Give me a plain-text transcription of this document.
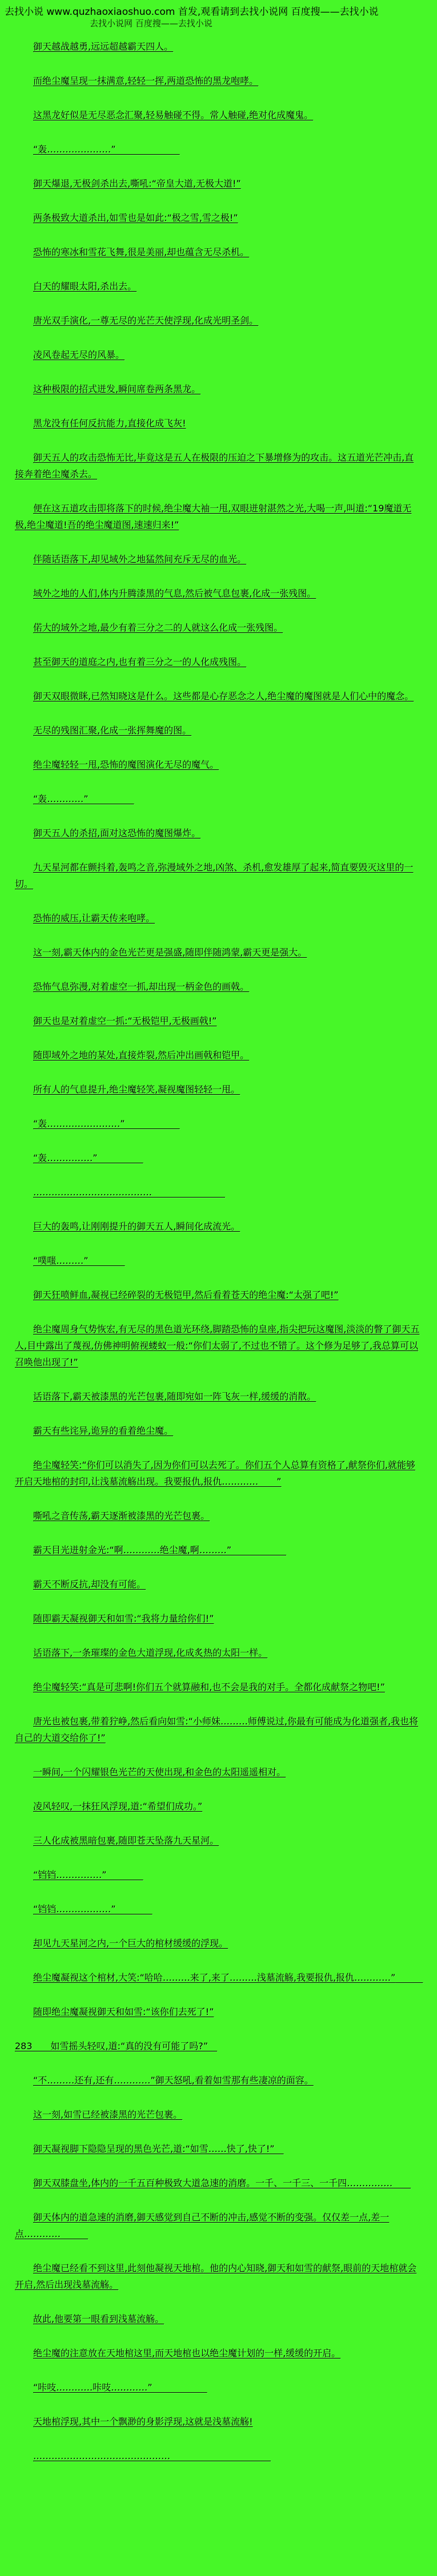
去找小说 www.quzhaoxiaoshuo.com 首发,观看请到去找小说网 百度搜——去找小说
去找小说网 百度搜——去找小说

御天越战越勇,远远超越霸天四人。

而绝尘魔呈现一抹满意,轻轻一挥,两道恐怖的黑龙咆哮。

这黑龙好似是无尽恶念汇聚,轻易触碰不得。常人触碰,绝对化成魔鬼。

“轰…………………”　　　　　　　

御天爆退,无极剑杀出去,嘶吼:“帝皇大道,无极大道!”

两条极致大道杀出,如雪也是如此:“极之雪,雪之极!”

恐怖的寒冰和雪花飞舞,很是美丽,却也蕴含无尽杀机。

白天的耀眼太阳,杀出去。

唐光双手演化,一尊无尽的光芒天使浮现,化成光明圣剑。

凌风卷起无尽的风暴。

这种极限的招式迸发,瞬间席卷两条黑龙。

黑龙没有任何反抗能力,直接化成飞灰!

御天五人的攻击恐怖无比,毕竟这是五人在极限的压迫之下暴增修为的攻击。这五道光芒冲击,直接奔着绝尘魔杀去。

便在这五道攻击即将落下的时候,绝尘魔大袖一甩,双眼迸射湛然之光,大喝一声,叫道:“19魔道无极,绝尘魔道!吾的绝尘魔道图,速速归来!”

伴随话语落下,却见域外之地猛然间充斥无尽的血光。

域外之地的人们,体内升腾漆黑的气息,然后被气息包裹,化成一张残图。

偌大的域外之地,最少有着三分之二的人就这么化成一张残图。

甚至御天的道庭之内,也有着三分之一的人化成残图。

御天双眼微眯,已然知晓这是什么。这些都是心存恶念之人,绝尘魔的魔图就是人们心中的魔念。

无尽的残图汇聚,化成一张挥舞魔的图。

绝尘魔轻轻一甩,恐怖的魔图演化无尽的魔气。

“轰…………”　　　　　

御天五人的杀招,面对这恐怖的魔图爆炸。

九天星河都在颤抖着,轰鸣之音,弥漫域外之地,凶煞、杀机,愈发雄厚了起来,简直要毁灭这里的一切。

恐怖的威压,让霸天传来咆哮。

这一刻,霸天体内的金色光芒更是强盛,随即伴随鸿蒙,霸天更是强大。

恐怖气息弥漫,对着虚空一抓,却出现一柄金色的画戟。

御天也是对着虚空一抓:“无极铠甲,无极画戟!”

随即域外之地的某处,直接炸裂,然后冲出画戟和铠甲。

所有人的气息提升,绝尘魔轻笑,凝视魔图轻轻一甩。

“轰……………………”　　　　　　

“轰……………”　　　　　

…………………………………　　　　　　　　

巨大的轰鸣,让刚刚提升的御天五人,瞬间化成流光。

“噗嗤………”　　　　

御天狂喷鲜血,凝视已经碎裂的无极铠甲,然后看着苍天的绝尘魔:“太强了吧!”

绝尘魔周身气势恢宏,有无尽的黑色道光环绕,脚踏恐怖的皇座,指尖把玩这魔图,淡淡的瞥了御天五人,目中露出了蔑视,仿佛神明俯视蝼蚁一般:“你们太弱了,不过也不错了。这个修为足够了,我总算可以召唤他出现了!”

话语落下,霸天被漆黑的光芒包裹,随即宛如一阵飞灰一样,缓缓的消散。

霸天有些诧异,诡异的看着绝尘魔。

绝尘魔轻笑:“你们可以消失了,因为你们可以去死了。你们五个人总算有资格了,献祭你们,就能够开启天地棺的封印,让浅墓流觞出现。我要报仇,报仇…………　　”

嘶吼之音传荡,霸天逐渐被漆黑的光芒包裹。

霸天目光迸射金光:“啊…………绝尘魔,啊………”　　　　　　

霸天不断反抗,却没有可能。

随即霸天凝视御天和如雪:“我将力量给你们!”

话语落下,一条璀璨的金色大道浮现,化成炙热的太阳一样。

绝尘魔轻笑:“真是可悲啊!你们五个就算融和,也不会是我的对手。全都化成献祭之物吧!”

唐光也被包裹,带着狞峥,然后看向如雪:“小师妹………师傅说过,你最有可能成为化道强者,我也将自己的大道交给你了!”

一瞬间,一个闪耀银色光芒的天使出现,和金色的太阳遥遥相对。

凌风轻叹,一抹狂风浮现,道:“希望们成功。”

三人化成被黑暗包裹,随即苍天坠落九天星河。

“铛铛……………”　　　　

“铛铛………………”　　　　

却见九天星河之内,一个巨大的棺材缓缓的浮现。

绝尘魔凝视这个棺材,大笑:“哈哈………来了,来了………浅墓流觞,我要报仇,报仇…………”　　　

随即绝尘魔凝视御天和如雪:“该你们去死了!”

283　　如雪摇头轻叹,道:“真的没有可能了吗?”　

“不………还有,还有…………”御天怒吼,看着如雪那有些凄凉的面容。

这一刻,如雪已经被漆黑的光芒包裹。

御天凝视脚下隐隐呈现的黑色光芒,道:“如雪……快了,快了!”　

御天双膝盘坐,体内的一千五百种极致大道急速的消磨。一千、一千三、一千四……………　　

御天体内的道急速的消磨,御天感觉到自己不断的冲击,感觉不断的变强。仅仅差一点,差一点…………　　　

绝尘魔已经看不到这里,此刻他凝视天地棺。他的内心知晓,御天和如雪的献祭,眼前的天地棺就会开启,然后出现浅墓流觞。

故此,他要第一眼看到浅墓流觞。

绝尘魔的注意放在天地棺这里,而天地棺也以绝尘魔计划的一样,缓缓的开启。

“咔吱…………咔吱…………”　　　　　　

天地棺浮现,其中一个飘渺的身影浮现,这就是浅墓流觞!

………………………………………　　　　　　　　　　　
